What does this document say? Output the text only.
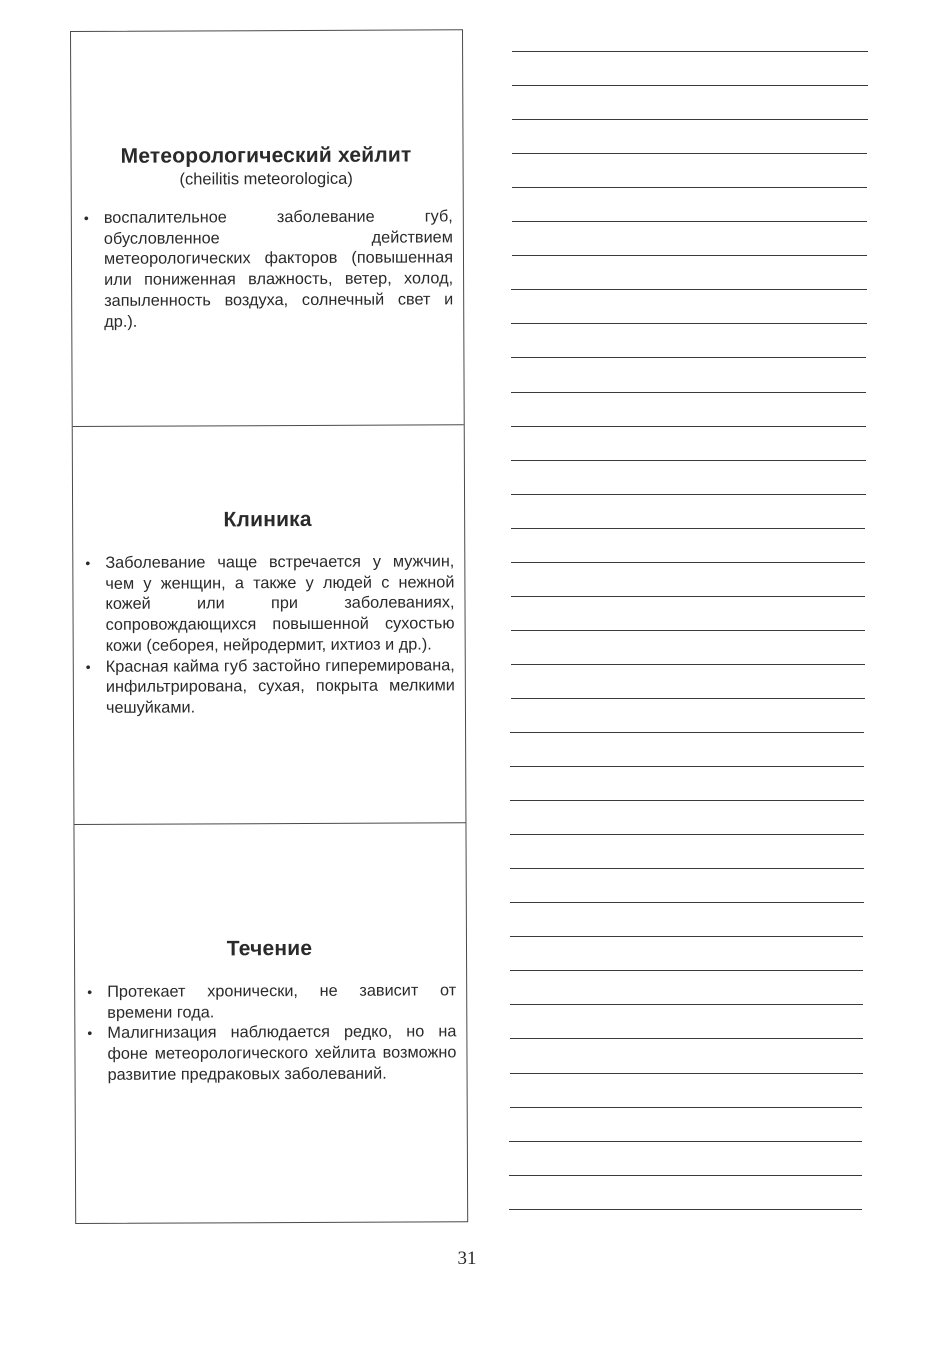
Метеорологический хейлит
(cheilitis meteorologica)
• воспалительное заболевание губ, обусловленное действием метеорологических факторов (повышенная или пониженная влажность, ветер, холод, запыленность воздуха, солнечный свет и др.).
Клиника
• Заболевание чаще встречается у мужчин, чем у женщин, а также у людей с нежной кожей или при заболеваниях, сопровождающихся повышенной сухостью кожи (себорея, нейродермит, ихтиоз и др.).
• Красная кайма губ застойно гиперемирована, инфильтрирована, сухая, покрыта мелкими чешуйками.
Течение
• Протекает хронически, не зависит от времени года.
• Малигнизация наблюдается редко, но на фоне метеорологического хейлита возможно развитие предраковых заболеваний.
31
